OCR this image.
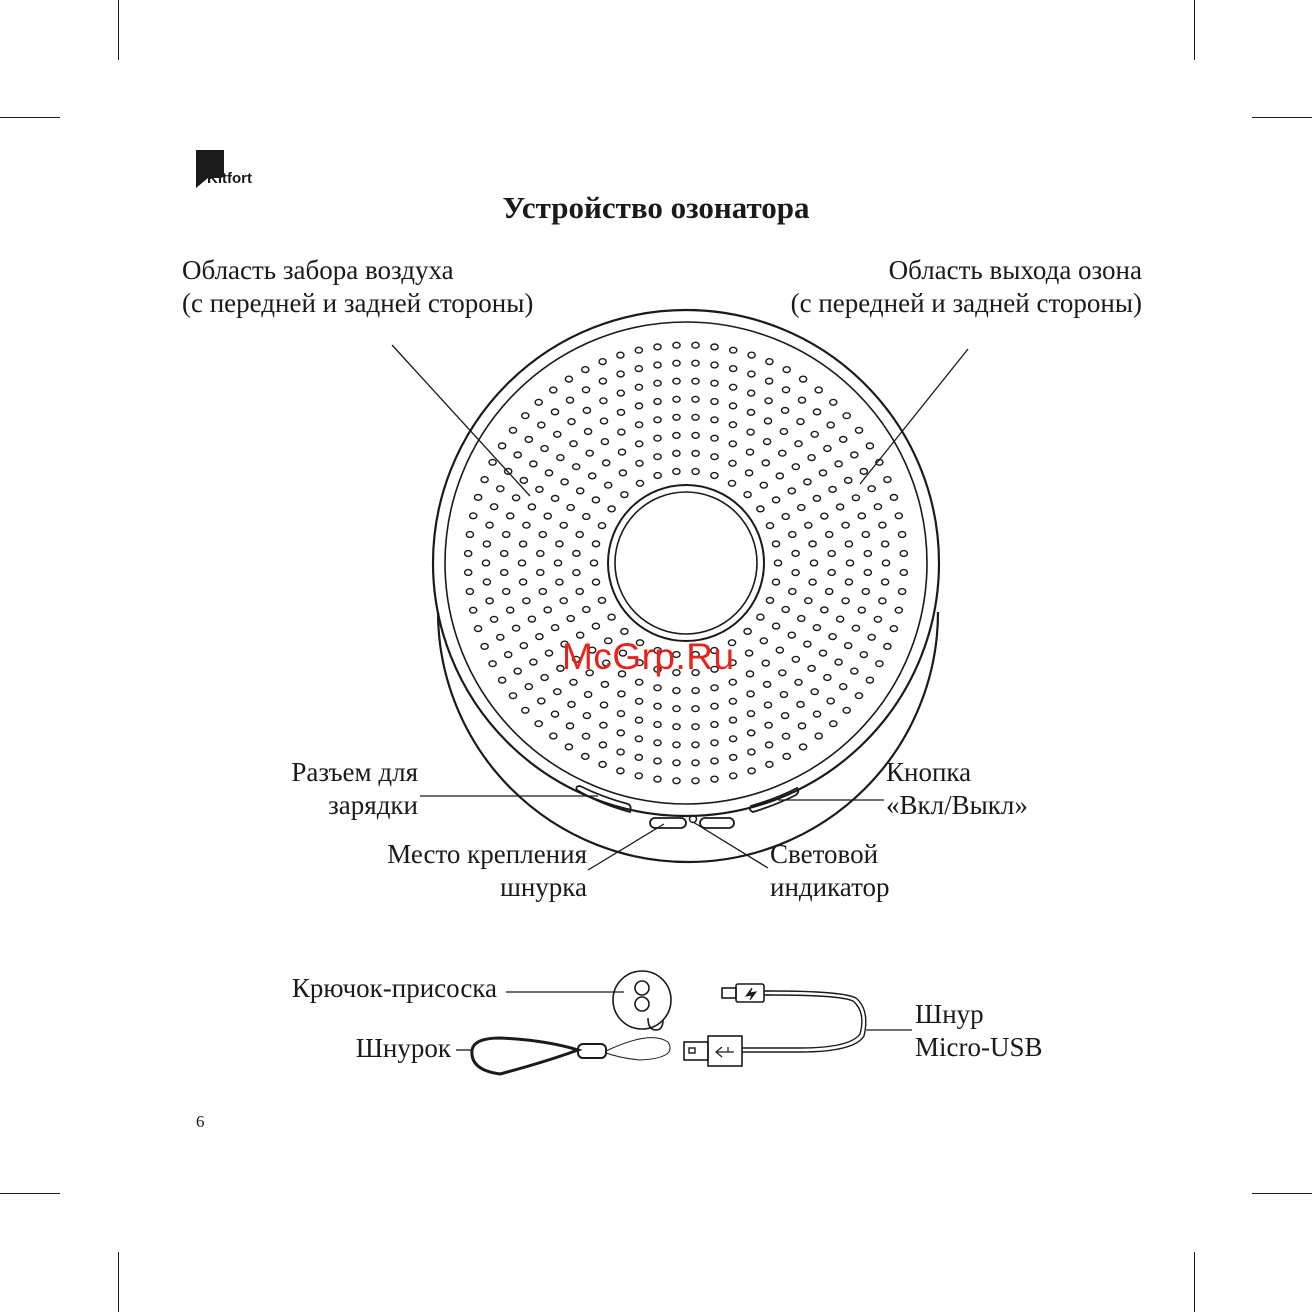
Kitfort
Устройство озонатора
Область забора воздуха
(с передней и задней стороны)
Область выхода озона
(с передней и задней стороны)
Разъем для
зарядки
Кнопка
«Вкл/Выкл»
Место крепления
шнурка
Световой
индикатор
Крючок-присоска
Шнурок
Шнур
Micro-USB
McGrp.Ru
6
